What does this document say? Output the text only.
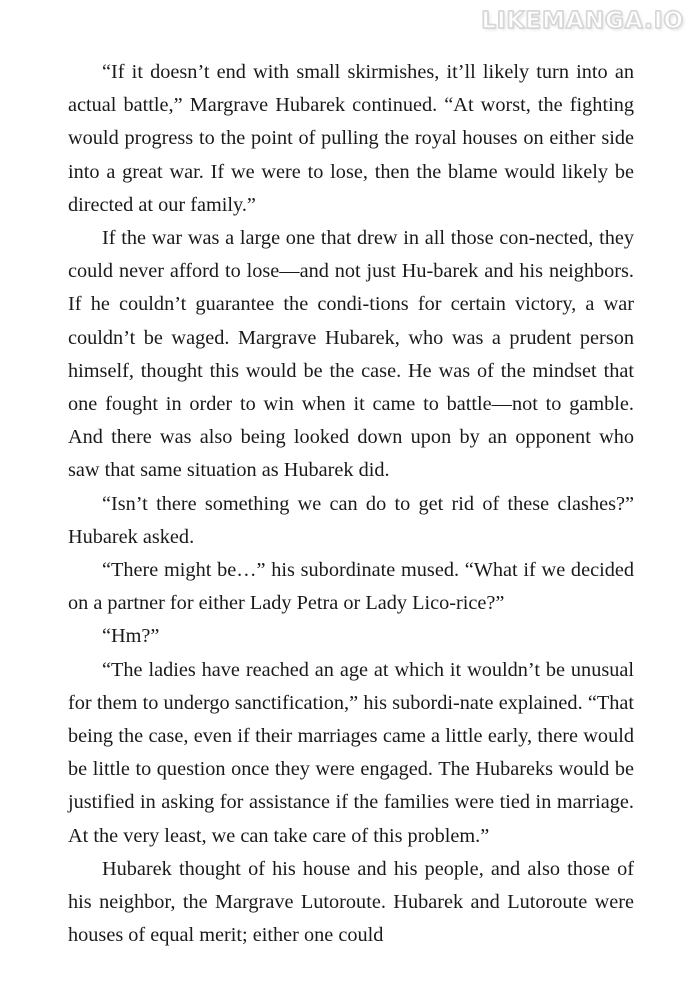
LIKEMANGA.IO

“If it doesn’t end with small skirmishes, it’ll likely turn into an actual battle,” Margrave Hubarek continued. “At worst, the fighting would progress to the point of pulling the royal houses on either side into a great war. If we were to lose, then the blame would likely be directed at our family.”

If the war was a large one that drew in all those con-nected, they could never afford to lose—and not just Hu-barek and his neighbors. If he couldn’t guarantee the condi-tions for certain victory, a war couldn’t be waged. Margrave Hubarek, who was a prudent person himself, thought this would be the case. He was of the mindset that one fought in order to win when it came to battle—not to gamble. And there was also being looked down upon by an opponent who saw that same situation as Hubarek did.

“Isn’t there something we can do to get rid of these clashes?” Hubarek asked.

“There might be…” his subordinate mused. “What if we decided on a partner for either Lady Petra or Lady Lico-rice?”

“Hm?”

“The ladies have reached an age at which it wouldn’t be unusual for them to undergo sanctification,” his subordi-nate explained. “That being the case, even if their marriages came a little early, there would be little to question once they were engaged. The Hubareks would be justified in asking for assistance if the families were tied in marriage. At the very least, we can take care of this problem.”

Hubarek thought of his house and his people, and also those of his neighbor, the Margrave Lutoroute. Hubarek and Lutoroute were houses of equal merit; either one could
